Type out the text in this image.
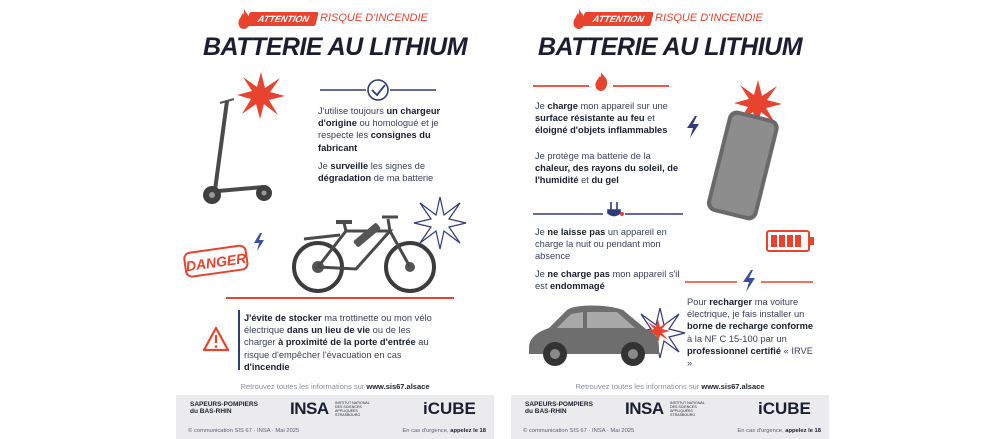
ATTENTION RISQUE D'INCENDIE
BATTERIE AU LITHIUM
J'utilise toujours un chargeur d'origine ou homologué et je respecte les consignes du fabricant
Je surveille les signes de dégradation de ma batterie
DANGER
J'évite de stocker ma trottinette ou mon vélo électrique dans un lieu de vie ou de les charger à proximité de la porte d'entrée au risque d'empêcher l'évacuation en cas d'incendie
Retrouvez toutes les informations sur www.sis67.alsace
SAPEURS-POMPIERS
du BAS-RHIN	INSA INSTITUT NATIONAL
DES SCIENCES
APPLIQUÉES
STRASBOURG	iCUBE
© communication SIS 67 · INSA · Mai 2025	En cas d'urgence, appelez le 18
ATTENTION RISQUE D'INCENDIE
BATTERIE AU LITHIUM
Je charge mon appareil sur une surface résistante au feu et éloigné d'objets inflammables
Je protège ma batterie de la chaleur, des rayons du soleil, de l'humidité et du gel
Je ne laisse pas un appareil en charge la nuit ou pendant mon absence
Je ne charge pas mon appareil s'il est endommagé
Pour recharger ma voiture électrique, je fais installer un borne de recharge conforme à la NF C 15-100 par un professionnel certifié « IRVE »
Retrouvez toutes les informations sur www.sis67.alsace
SAPEURS-POMPIERS
du BAS-RHIN	INSA INSTITUT NATIONAL
DES SCIENCES
APPLIQUÉES
STRASBOURG	iCUBE
© communication SIS 67 · INSA · Mai 2025	En cas d'urgence, appelez le 18
